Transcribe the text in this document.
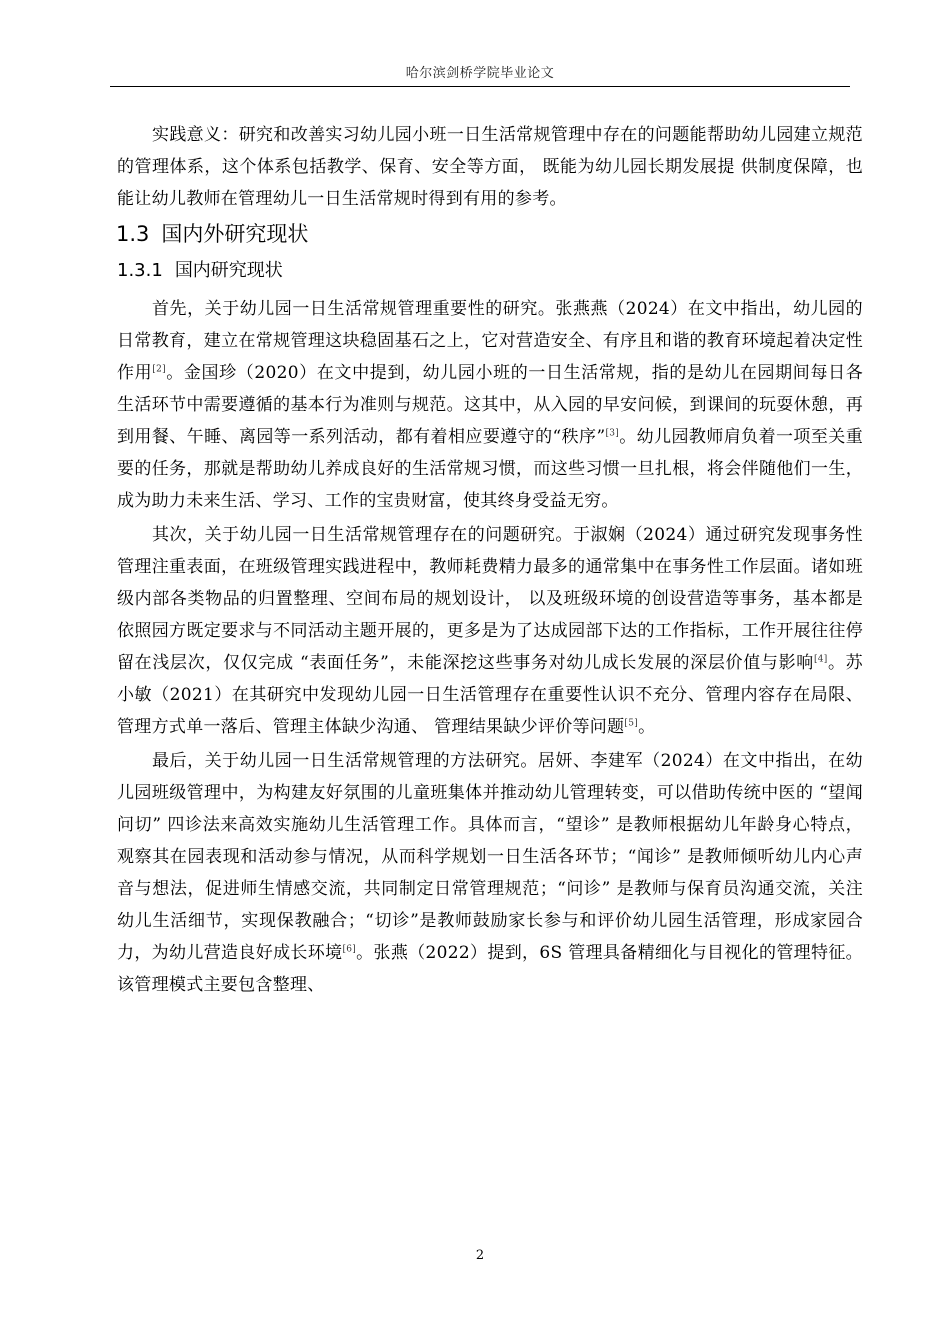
哈尔滨剑桥学院毕业论文

实践意义：研究和改善实习幼儿园小班一日生活常规管理中存在的问题能帮助幼儿园建立规范的管理体系，这个体系包括教学、保育、安全等方面， 既能为幼儿园长期发展提 供制度保障，也能让幼儿教师在管理幼儿一日生活常规时得到有用的参考。

1.3 国内外研究现状
1.3.1 国内研究现状

首先，关于幼儿园一日生活常规管理重要性的研究。张燕燕（2024）在文中指出，幼儿园的日常教育，建立在常规管理这块稳固基石之上，它对营造安全、有序且和谐的教育环境起着决定性作用[2]。金国珍（2020）在文中提到，幼儿园小班的一日生活常规，指的是幼儿在园期间每日各生活环节中需要遵循的基本行为准则与规范。这其中，从入园的早安问候，到课间的玩耍休憩，再到用餐、午睡、离园等一系列活动，都有着相应要遵守的“秩序”[3]。幼儿园教师肩负着一项至关重要的任务，那就是帮助幼儿养成良好的生活常规习惯，而这些习惯一旦扎根，将会伴随他们一生，成为助力未来生活、学习、工作的宝贵财富，使其终身受益无穷。

其次，关于幼儿园一日生活常规管理存在的问题研究。于淑娴（2024）通过研究发现事务性管理注重表面，在班级管理实践进程中，教师耗费精力最多的通常集中在事务性工作层面。诸如班级内部各类物品的归置整理、空间布局的规划设计， 以及班级环境的创设营造等事务，基本都是依照园方既定要求与不同活动主题开展的，更多是为了达成园部下达的工作指标，工作开展往往停留在浅层次，仅仅完成 “表面任务”，未能深挖这些事务对幼儿成长发展的深层价值与影响[4]。苏小敏（2021）在其研究中发现幼儿园一日生活管理存在重要性认识不充分、管理内容存在局限、管理方式单一落后、管理主体缺少沟通、 管理结果缺少评价等问题[5]。

最后，关于幼儿园一日生活常规管理的方法研究。居妍、李建军（2024）在文中指出，在幼儿园班级管理中，为构建友好氛围的儿童班集体并推动幼儿管理转变，可以借助传统中医的 “望闻问切” 四诊法来高效实施幼儿生活管理工作。具体而言，“望诊” 是教师根据幼儿年龄身心特点，观察其在园表现和活动参与情况，从而科学规划一日生活各环节；“闻诊” 是教师倾听幼儿内心声音与想法，促进师生情感交流，共同制定日常管理规范；“问诊” 是教师与保育员沟通交流，关注幼儿生活细节，实现保教融合；“切诊”是教师鼓励家长参与和评价幼儿园生活管理，形成家园合力，为幼儿营造良好成长环境[6]。张燕（2022）提到，6S 管理具备精细化与目视化的管理特征。该管理模式主要包含整理、

2
